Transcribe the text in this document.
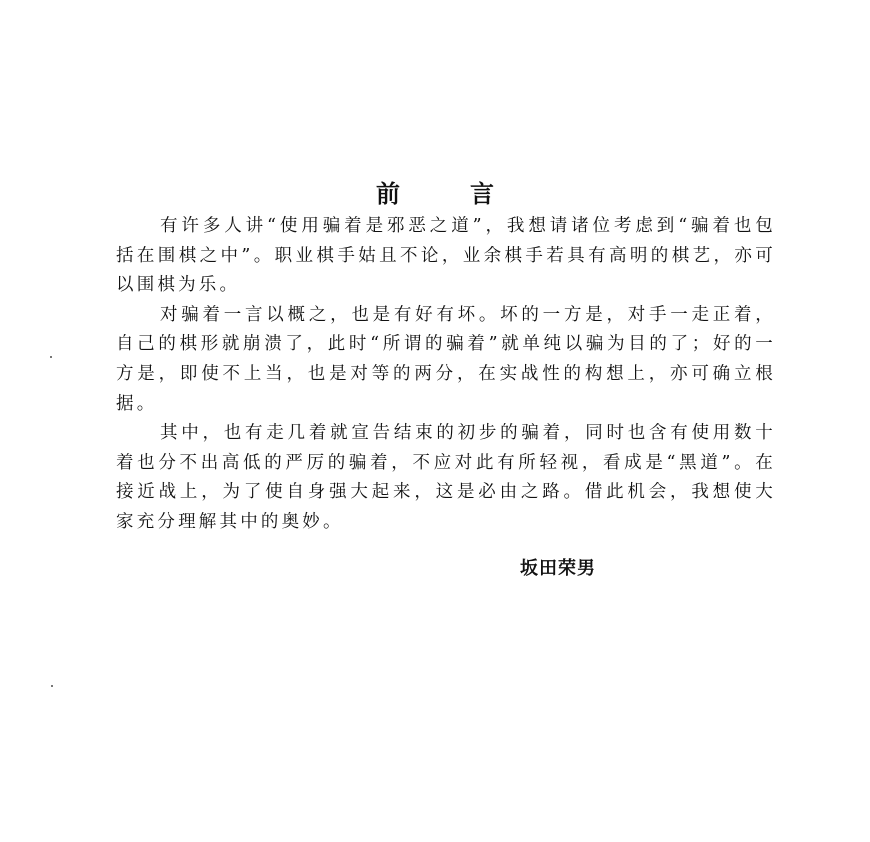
前言

有许多人讲“使用骗着是邪恶之道”，我想请诸位考虑到“骗着也包括在围棋之中”。职业棋手姑且不论，业余棋手若具有高明的棋艺，亦可以围棋为乐。

对骗着一言以概之，也是有好有坏。坏的一方是，对手一走正着，自己的棋形就崩溃了，此时“所谓的骗着”就单纯以骗为目的了；好的一方是，即使不上当，也是对等的两分，在实战性的构想上，亦可确立根据。

其中，也有走几着就宣告结束的初步的骗着，同时也含有使用数十着也分不出高低的严厉的骗着，不应对此有所轻视，看成是“黑道”。在接近战上，为了使自身强大起来，这是必由之路。借此机会，我想使大家充分理解其中的奥妙。

坂田荣男
